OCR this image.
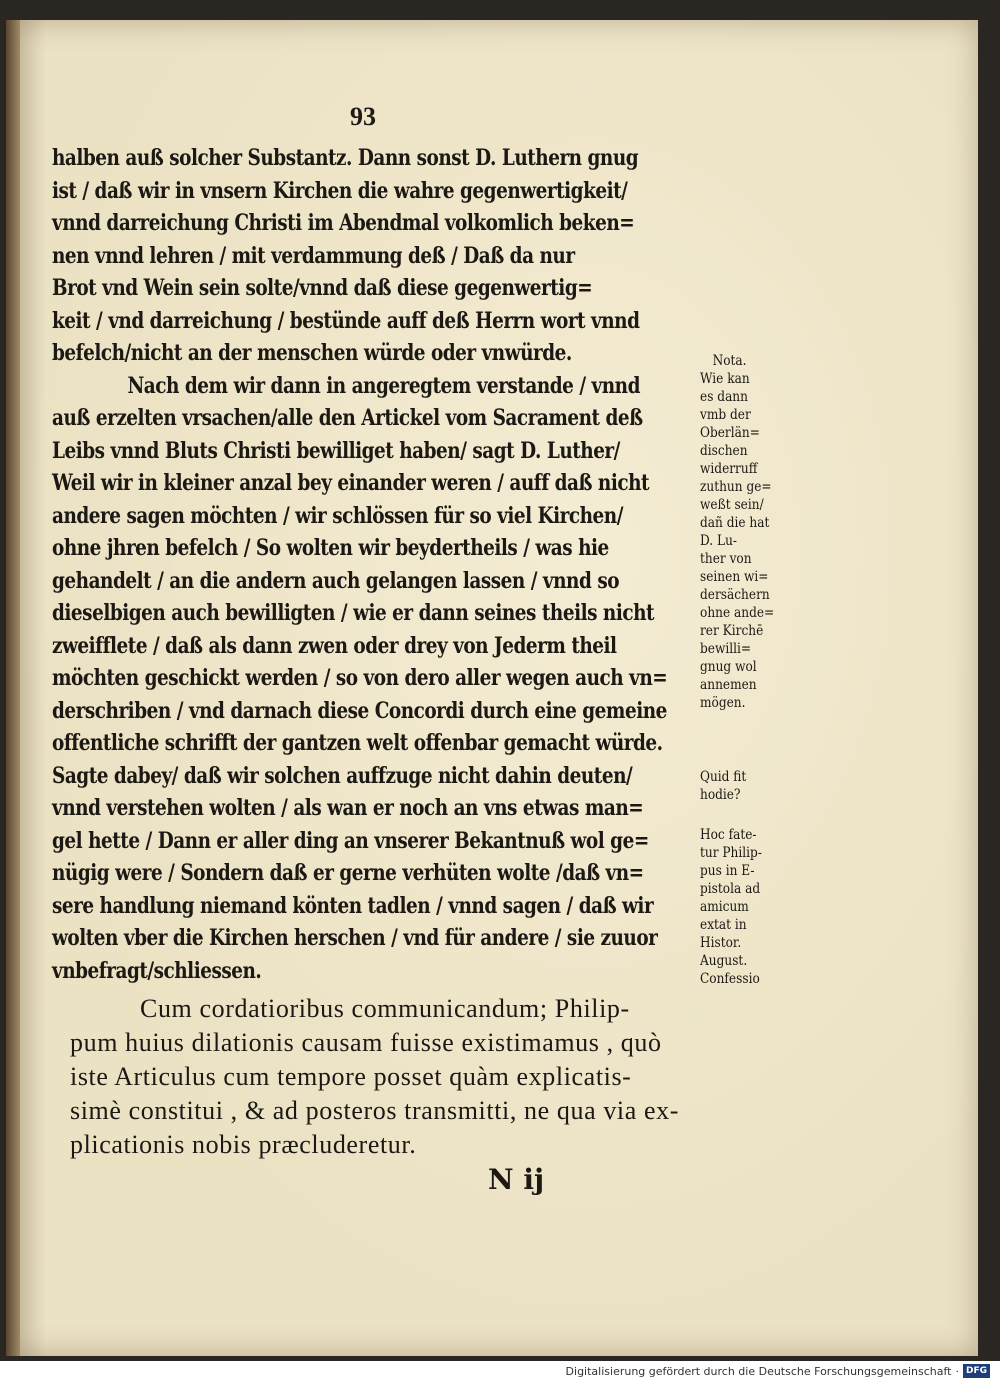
93
halben auß solcher Substantz. Dann sonst D. Luthern gnug
ist / daß wir in vnsern Kirchen die wahre gegenwertigkeit/
vnnd darreichung Christi im Abendmal volkomlich beken=
nen vnnd lehren / mit verdammung deß / Daß da nur
Brot vnd Wein sein solte/vnnd daß diese gegenwertig=
keit / vnd darreichung / bestünde auff deß Herrn wort vnnd
befelch/nicht an der menschen würde oder vnwürde.
Nach dem wir dann in angeregtem verstande / vnnd
auß erzelten vrsachen/alle den Artickel vom Sacrament deß
Leibs vnnd Bluts Christi bewilliget haben/ sagt D. Luther/
Weil wir in kleiner anzal bey einander weren / auff daß nicht
andere sagen möchten / wir schlössen für so viel Kirchen/
ohne jhren befelch / So wolten wir beydertheils / was hie
gehandelt / an die andern auch gelangen lassen / vnnd so
dieselbigen auch bewilligten / wie er dann seines theils nicht
zweifflete / daß als dann zwen oder drey von Jederm theil
möchten geschickt werden / so von dero aller wegen auch vn=
derschriben / vnd darnach diese Concordi durch eine gemeine
offentliche schrifft der gantzen welt offenbar gemacht würde.
Sagte dabey/ daß wir solchen auffzuge nicht dahin deuten/
vnnd verstehen wolten / als wan er noch an vns etwas man=
gel hette / Dann er aller ding an vnserer Bekantnuß wol ge=
nügig were / Sondern daß er gerne verhüten wolte /daß vn=
sere handlung niemand könten tadlen / vnnd sagen / daß wir
wolten vber die Kirchen herschen / vnd für andere / sie zuuor
vnbefragt/schliessen.
Cum cordatioribus communicandum; Philip-
pum huius dilationis causam fuisse existimamus , quò
iste Articulus cum tempore posset quàm explicatis-
simè constitui , & ad posteros transmitti, ne qua via ex-
plicationis nobis præcluderetur.
Nota.
Wie kan
es dann
vmb der
Oberlän=
dischen
widerruff
zuthun ge=
weßt sein/
dañ die hat
D. Lu-
ther von
seinen wi=
dersächern
ohne ande=
rer Kirchē
bewilli=
gnug wol
annemen
mögen.
Quid fit
hodie?
Hoc fate-
tur Philip-
pus in E-
pistola ad
amicum
extat in
Histor.
August.
Confessio
N ij
Digitalisierung gefördert durch die Deutsche Forschungsgemeinschaft · DFG
